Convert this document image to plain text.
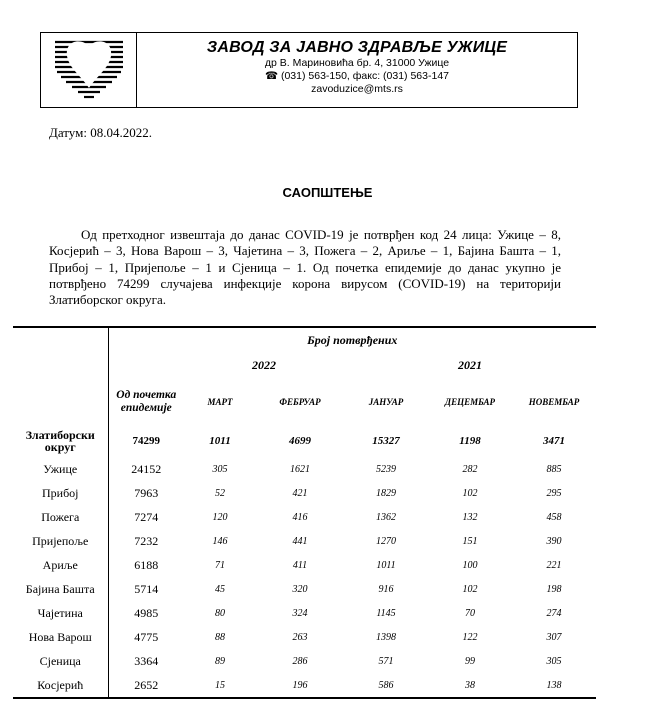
ЗАВОД ЗА ЈАВНО ЗДРАВЉЕ УЖИЦЕ
др В. Мариновића бр. 4, 31000 Ужице
☎ (031) 563-150, факс: (031) 563-147
zavoduzice@mts.rs
Датум: 08.04.2022.
САОПШТЕЊЕ
Од претходног извештаја до данас COVID-19 је потврђен код 24 лица: Ужице – 8, Косјерић – 3, Нова Варош – 3, Чајетина – 3, Пожега – 2, Ариље – 1, Бајина Башта – 1, Прибој – 1, Пријепоље – 1 и Сјеница – 1. Од почетка епидемије до данас укупно је потврђено 74299 случајева инфекције корона вирусом (COVID-19) на територији Златиборског округа.
	Број потврђених					
		2022		2021		
	Од почетка епидемије	МАРТ	ФЕБРУАР	ЈАНУАР	ДЕЦЕМБАР	НОВЕМБАР
Златиборски округ	74299	1011	4699	15327	1198	3471
Ужице	24152	305	1621	5239	282	885
Прибој	7963	52	421	1829	102	295
Пожега	7274	120	416	1362	132	458
Пријепоље	7232	146	441	1270	151	390
Ариље	6188	71	411	1011	100	221
Бајина Башта	5714	45	320	916	102	198
Чајетина	4985	80	324	1145	70	274
Нова Варош	4775	88	263	1398	122	307
Сјеница	3364	89	286	571	99	305
Косјерић	2652	15	196	586	38	138
